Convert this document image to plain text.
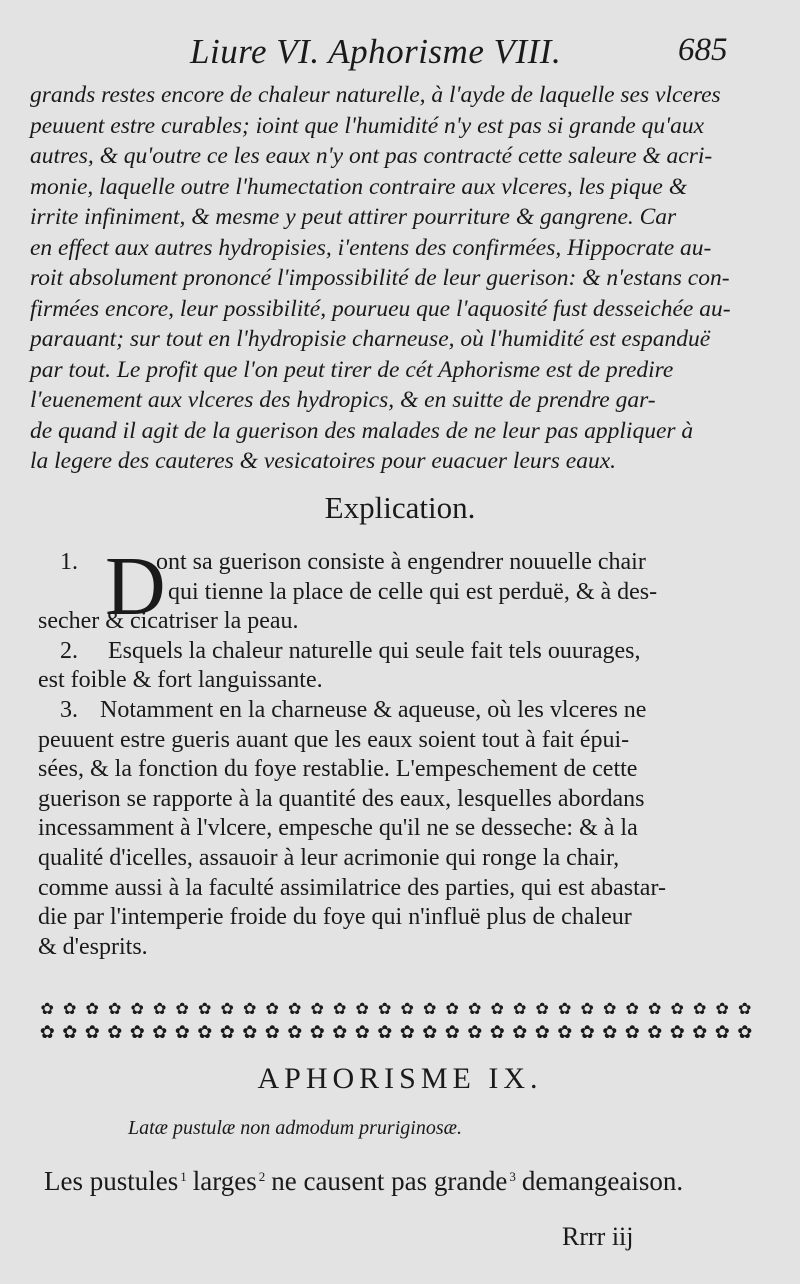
Liure VI. Aphorisme VIII.	685
grands restes encore de chaleur naturelle, à l'ayde de laquelle ses vlceres
peuuent estre curables; ioint que l'humidité n'y est pas si grande qu'aux
autres, & qu'outre ce les eaux n'y ont pas contracté cette saleure & acri-
monie, laquelle outre l'humectation contraire aux vlceres, les pique &
irrite infiniment, & mesme y peut attirer pourriture & gangrene. Car
en effect aux autres hydropisies, i'entens des confirmées, Hippocrate au-
roit absolument prononcé l'impossibilité de leur guerison: & n'estans con-
firmées encore, leur possibilité, pourueu que l'aquosité fust desseichée au-
parauant; sur tout en l'hydropisie charneuse, où l'humidité est espanduë
par tout. Le profit que l'on peut tirer de cét Aphorisme est de predire
l'euenement aux vlceres des hydropics, & en suitte de prendre gar-
de quand il agit de la guerison des malades de ne leur pas appliquer à
la legere des cauteres & vesicatoires pour euacuer leurs eaux.
Explication.
D
1.	ont sa guerison consiste à engendrer nouuelle chair
qui tienne la place de celle qui est perduë, & à des-
secher & cicatriser la peau.
2. Esquels la chaleur naturelle qui seule fait tels ouurages,
est foible & fort languissante.
3. Notamment en la charneuse & aqueuse, où les vlceres ne
peuuent estre gueris auant que les eaux soient tout à fait épui-
sées, & la fonction du foye restablie. L'empeschement de cette
guerison se rapporte à la quantité des eaux, lesquelles abordans
incessamment à l'vlcere, empesche qu'il ne se desseche: & à la
qualité d'icelles, assauoir à leur acrimonie qui ronge la chair,
comme aussi à la faculté assimilatrice des parties, qui est abastar-
die par l'intemperie froide du foye qui n'influë plus de chaleur
& d'esprits.
✿
✿
✿
✿
✿
✿
✿
✿
✿
✿
✿
✿
✿
✿
✿
✿
✿
✿
✿
✿
✿
✿
✿
✿
✿
✿
✿
✿
✿
✿
✿
✿
✿
✿
✿
✿
✿
✿
✿
✿
✿
✿
✿
✿
✿
✿
✿
✿
✿
✿
✿
✿
✿
✿
✿
✿
✿
✿
✿
✿
✿
✿
✿
✿
APHORISME IX.
Latæ pustulæ non admodum pruriginosæ.
Les pustules $^1$ larges $^2$ ne causent pas grande $^3$ demangeaison.
Rrrr iij
